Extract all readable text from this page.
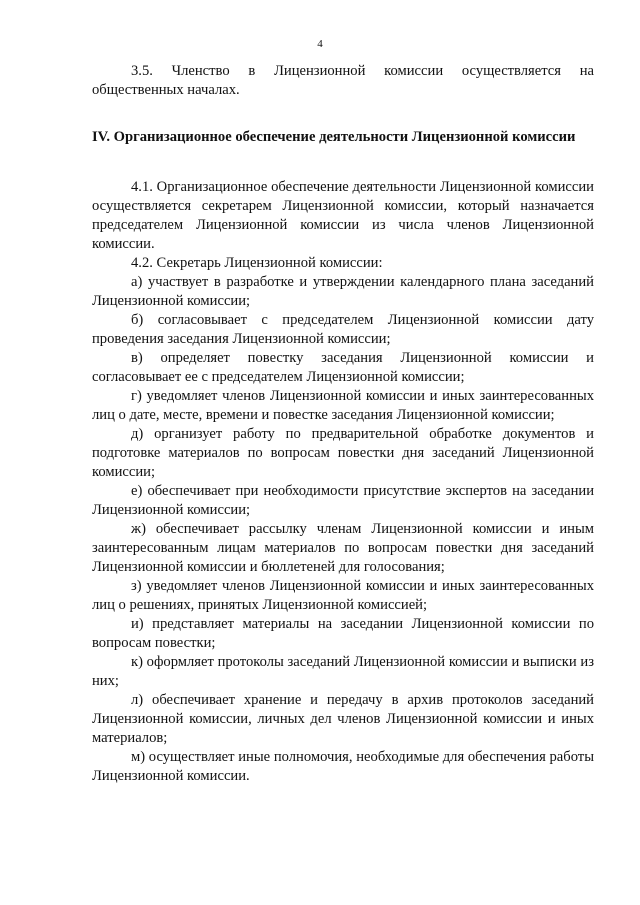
4

3.5. Членство в Лицензионной комиссии осуществляется на общественных началах.

IV. Организационное обеспечение деятельности Лицензионной комиссии

4.1. Организационное обеспечение деятельности Лицензионной комиссии осуществляется секретарем Лицензионной комиссии, который назначается председателем Лицензионной комиссии из числа членов Лицензионной комиссии.

4.2. Секретарь Лицензионной комиссии:

а) участвует в разработке и утверждении календарного плана заседаний Лицензионной комиссии;

б) согласовывает с председателем Лицензионной комиссии дату проведения заседания Лицензионной комиссии;

в) определяет повестку заседания Лицензионной комиссии и согласовывает ее с председателем Лицензионной комиссии;

г) уведомляет членов Лицензионной комиссии и иных заинтересованных лиц о дате, месте, времени и повестке заседания Лицензионной комиссии;

д) организует работу по предварительной обработке документов и подготовке материалов по вопросам повестки дня заседаний Лицензионной комиссии;

е) обеспечивает при необходимости присутствие экспертов на заседании Лицензионной комиссии;

ж) обеспечивает рассылку членам Лицензионной комиссии и иным заинтересованным лицам материалов по вопросам повестки дня заседаний Лицензионной комиссии и бюллетеней для голосования;

з) уведомляет членов Лицензионной комиссии и иных заинтересованных лиц о решениях, принятых Лицензионной комиссией;

и) представляет материалы на заседании Лицензионной комиссии по вопросам повестки;

к) оформляет протоколы заседаний Лицензионной комиссии и выписки из них;

л) обеспечивает хранение и передачу в архив протоколов заседаний Лицензионной комиссии, личных дел членов Лицензионной комиссии и иных материалов;

м) осуществляет иные полномочия, необходимые для обеспечения работы Лицензионной комиссии.
